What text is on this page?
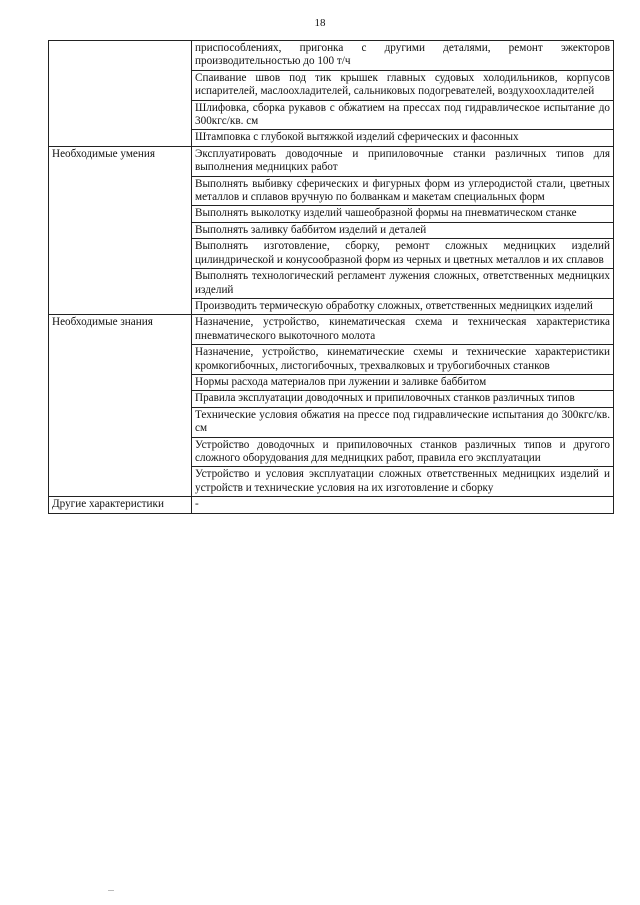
18
	приспособлениях, пригонка с другими деталями, ремонт эжекторов производительностью до 100 т/ч
	Спаивание швов под тик крышек главных судовых холодильников, корпусов испарителей, маслоохладителей, сальниковых подогревателей, воздухоохладителей
	Шлифовка, сборка рукавов с обжатием на прессах под гидравлическое испытание до 300кгс/кв. см
	Штамповка с глубокой вытяжкой изделий сферических и фасонных
Необходимые умения	Эксплуатировать доводочные и припиловочные станки различных типов для выполнения медницких работ
	Выполнять выбивку сферических и фигурных форм из углеродистой стали, цветных металлов и сплавов вручную по болванкам и макетам специальных форм
	Выполнять выколотку изделий чашеобразной формы на пневматическом станке
	Выполнять заливку баббитом изделий и деталей
	Выполнять изготовление, сборку, ремонт сложных медницких изделий цилиндрической и конусообразной форм из черных и цветных металлов и их сплавов
	Выполнять технологический регламент лужения сложных, ответственных медницких изделий
	Производить термическую обработку сложных, ответственных медницких изделий
Необходимые знания	Назначение, устройство, кинематическая схема и техническая характеристика пневматического выкоточного молота
	Назначение, устройство, кинематические схемы и технические характеристики кромкогибочных, листогибочных, трехвалковых и трубогибочных станков
	Нормы расхода материалов при лужении и заливке баббитом
	Правила эксплуатации доводочных и припиловочных станков различных типов
	Технические условия обжатия на прессе под гидравлические испытания до 300кгс/кв. см
	Устройство доводочных и припиловочных станков различных типов и другого сложного оборудования для медницких работ, правила его эксплуатации
	Устройство и условия эксплуатации сложных ответственных медницких изделий и устройств и технические условия на их изготовление и сборку
Другие характеристики	-
